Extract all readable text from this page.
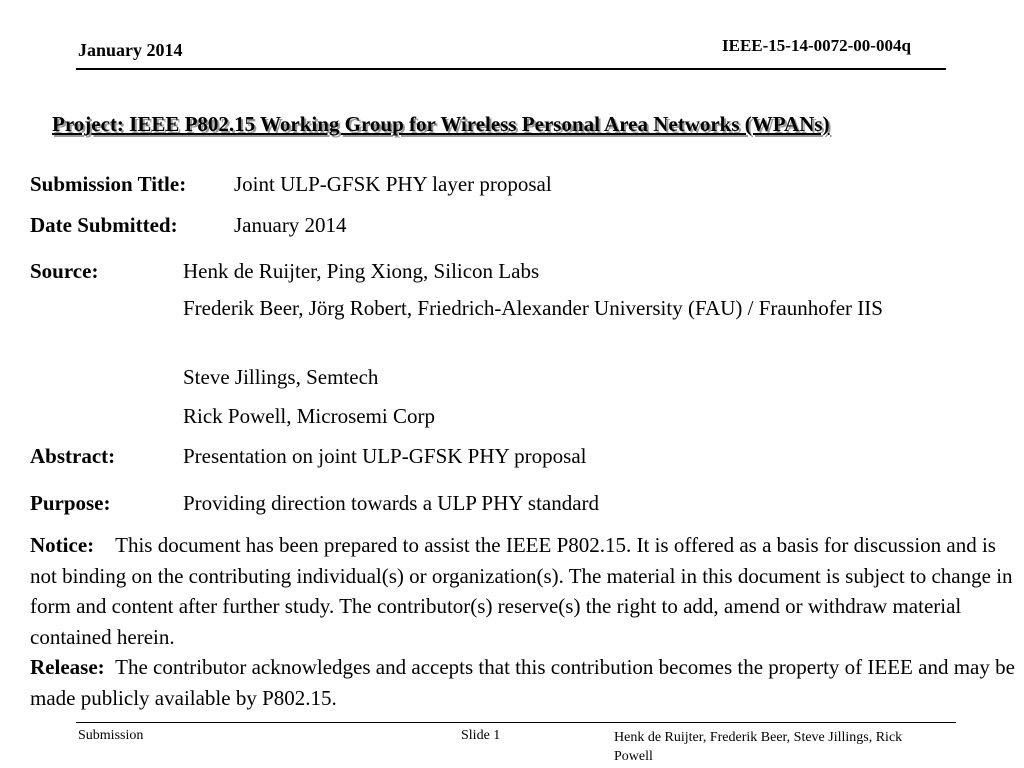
January 2014	IEEE-15-14-0072-00-004q
Project: IEEE P802.15 Working Group for Wireless Personal Area Networks (WPANs)
Submission Title: Joint ULP-GFSK PHY layer proposal
Date Submitted:	January 2014
Source:	Henk de Ruijter, Ping Xiong, Silicon Labs
Frederik Beer, Jörg Robert, Friedrich-Alexander University (FAU) / Fraunhofer IIS
Steve Jillings, Semtech
Rick Powell, Microsemi Corp
Abstract:	Presentation on joint ULP-GFSK PHY proposal
Purpose:	Providing direction towards a ULP PHY standard
Notice: This document has been prepared to assist the IEEE P802.15. It is offered as a basis for discussion and is not binding on the contributing individual(s) or organization(s). The material in this document is subject to change in form and content after further study. The contributor(s) reserve(s) the right to add, amend or withdraw material contained herein.
Release: The contributor acknowledges and accepts that this contribution becomes the property of IEEE and may be made publicly available by P802.15.
Submission	Slide 1	Henk de Ruijter, Frederik Beer, Steve Jillings, Rick Powell
